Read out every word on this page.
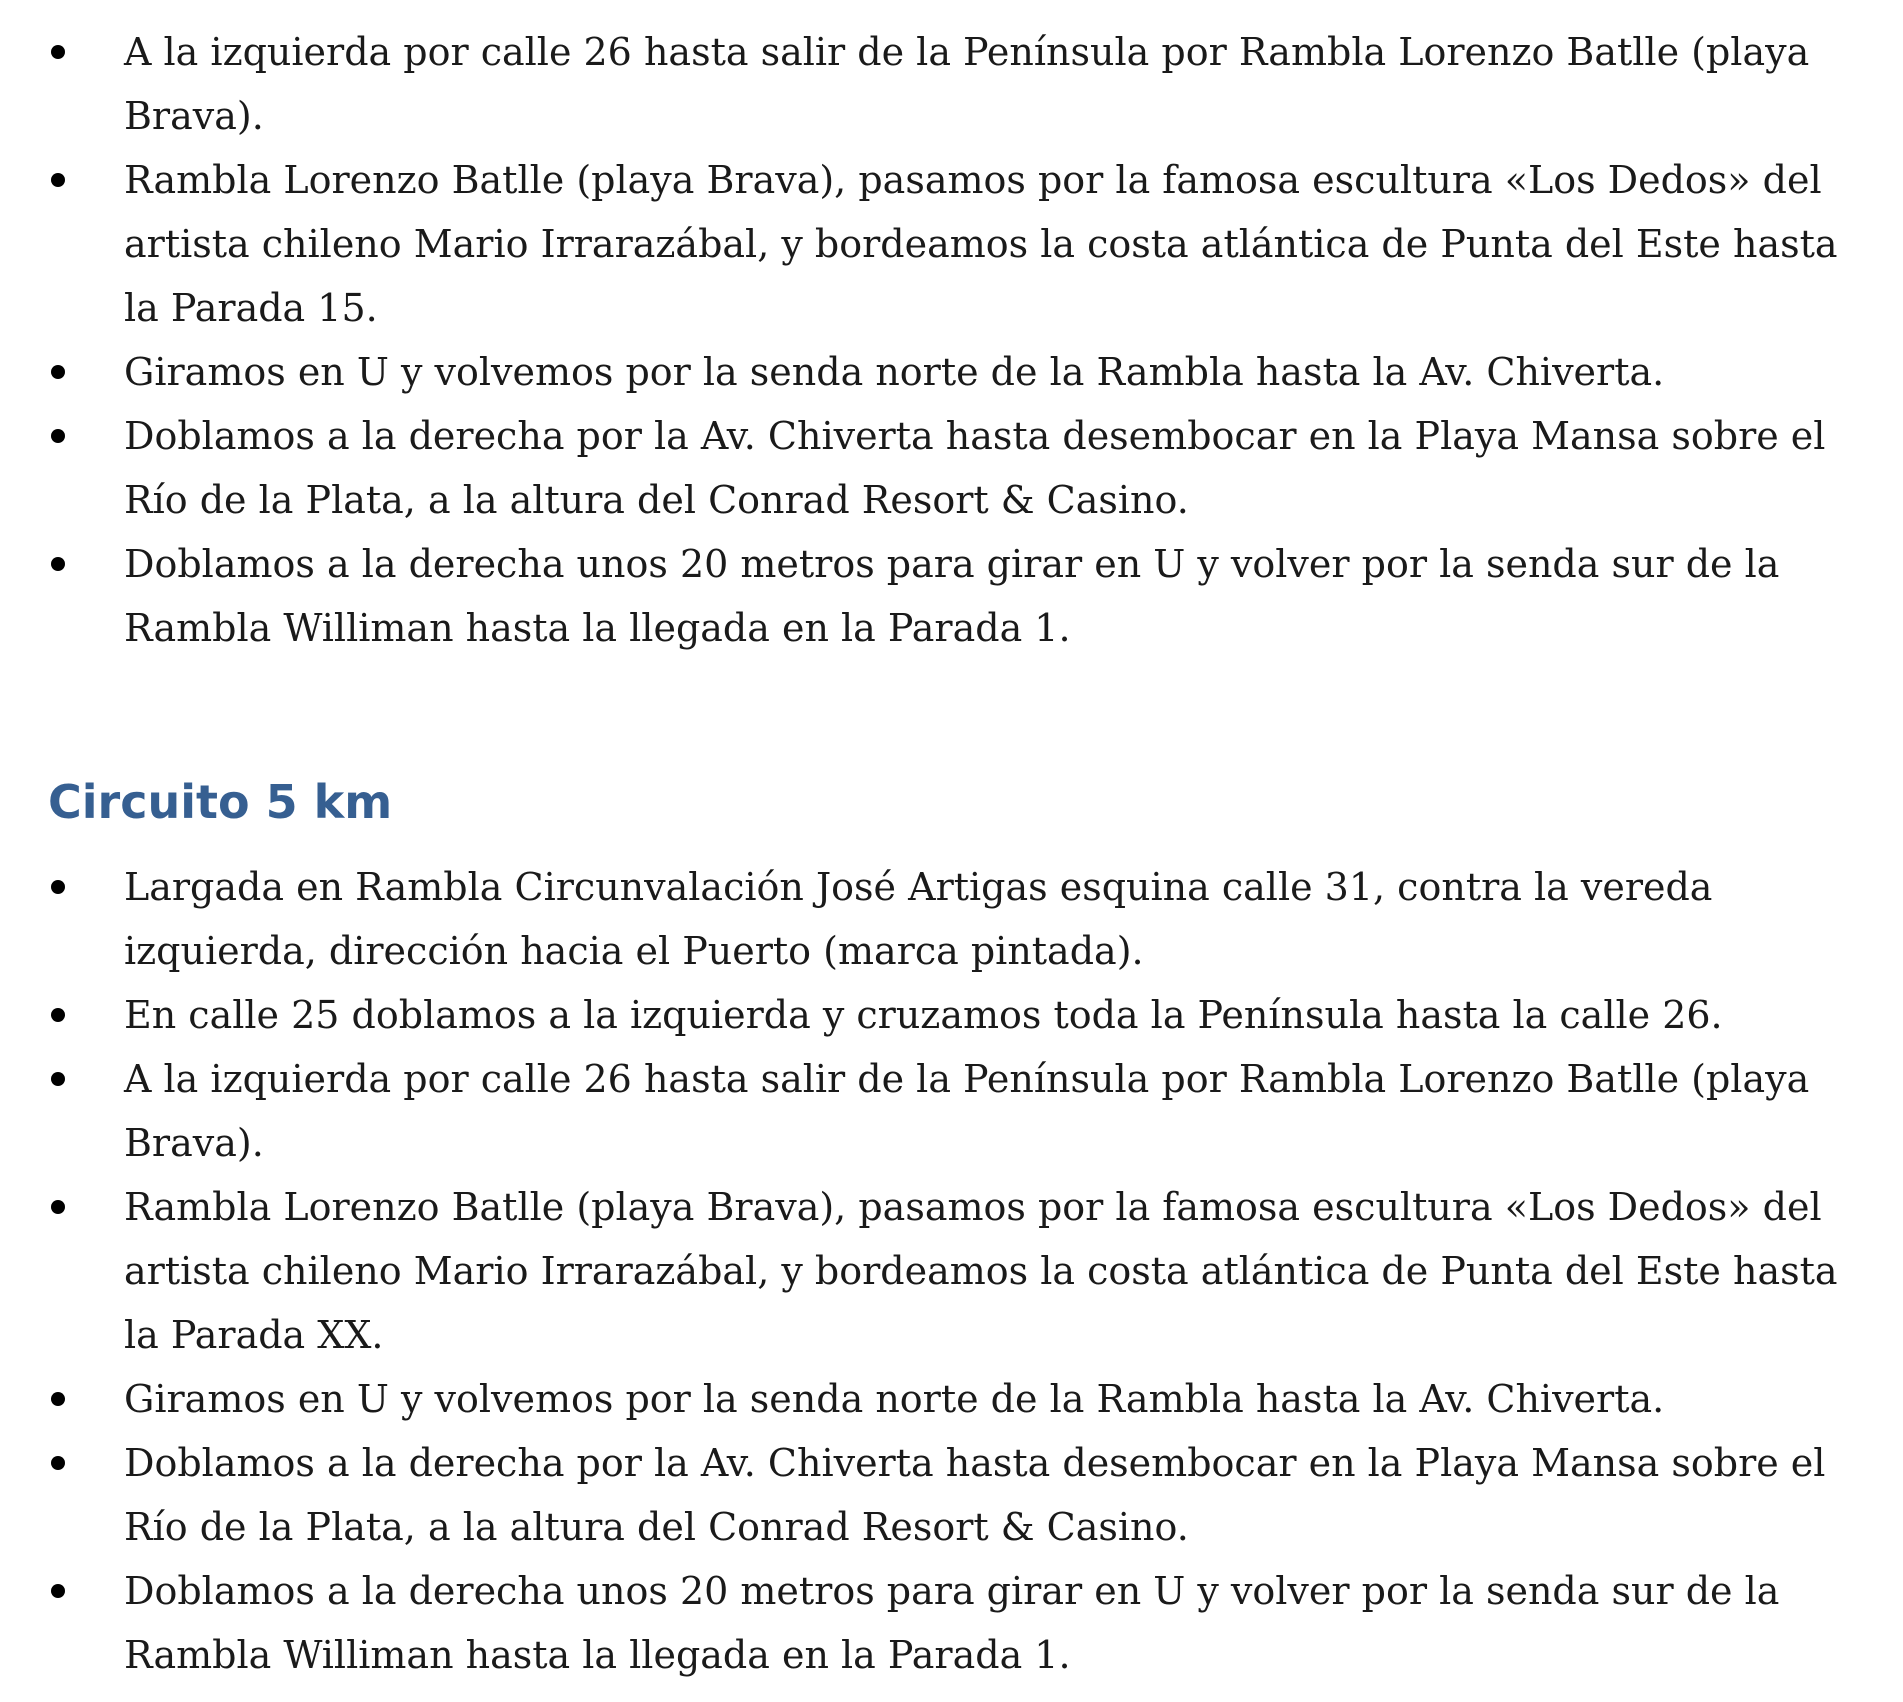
A la izquierda por calle 26 hasta salir de la Península por Rambla Lorenzo Batlle (playa Brava).
Rambla Lorenzo Batlle (playa Brava), pasamos por la famosa escultura «Los Dedos» del artista chileno Mario Irrarazábal, y bordeamos la costa atlántica de Punta del Este hasta la Parada 15.
Giramos en U y volvemos por la senda norte de la Rambla hasta la Av. Chiverta.
Doblamos a la derecha por la Av. Chiverta hasta desembocar en la Playa Mansa sobre el Río de la Plata, a la altura del Conrad Resort & Casino.
Doblamos a la derecha unos 20 metros para girar en U y volver por la senda sur de la Rambla Williman hasta la llegada en la Parada 1.
Circuito 5 km
Largada en Rambla Circunvalación José Artigas esquina calle 31, contra la vereda izquierda, dirección hacia el Puerto (marca pintada).
En calle 25 doblamos a la izquierda y cruzamos toda la Península hasta la calle 26.
A la izquierda por calle 26 hasta salir de la Península por Rambla Lorenzo Batlle (playa Brava).
Rambla Lorenzo Batlle (playa Brava), pasamos por la famosa escultura «Los Dedos» del artista chileno Mario Irrarazábal, y bordeamos la costa atlántica de Punta del Este hasta la Parada XX.
Giramos en U y volvemos por la senda norte de la Rambla hasta la Av. Chiverta.
Doblamos a la derecha por la Av. Chiverta hasta desembocar en la Playa Mansa sobre el Río de la Plata, a la altura del Conrad Resort & Casino.
Doblamos a la derecha unos 20 metros para girar en U y volver por la senda sur de la Rambla Williman hasta la llegada en la Parada 1.
